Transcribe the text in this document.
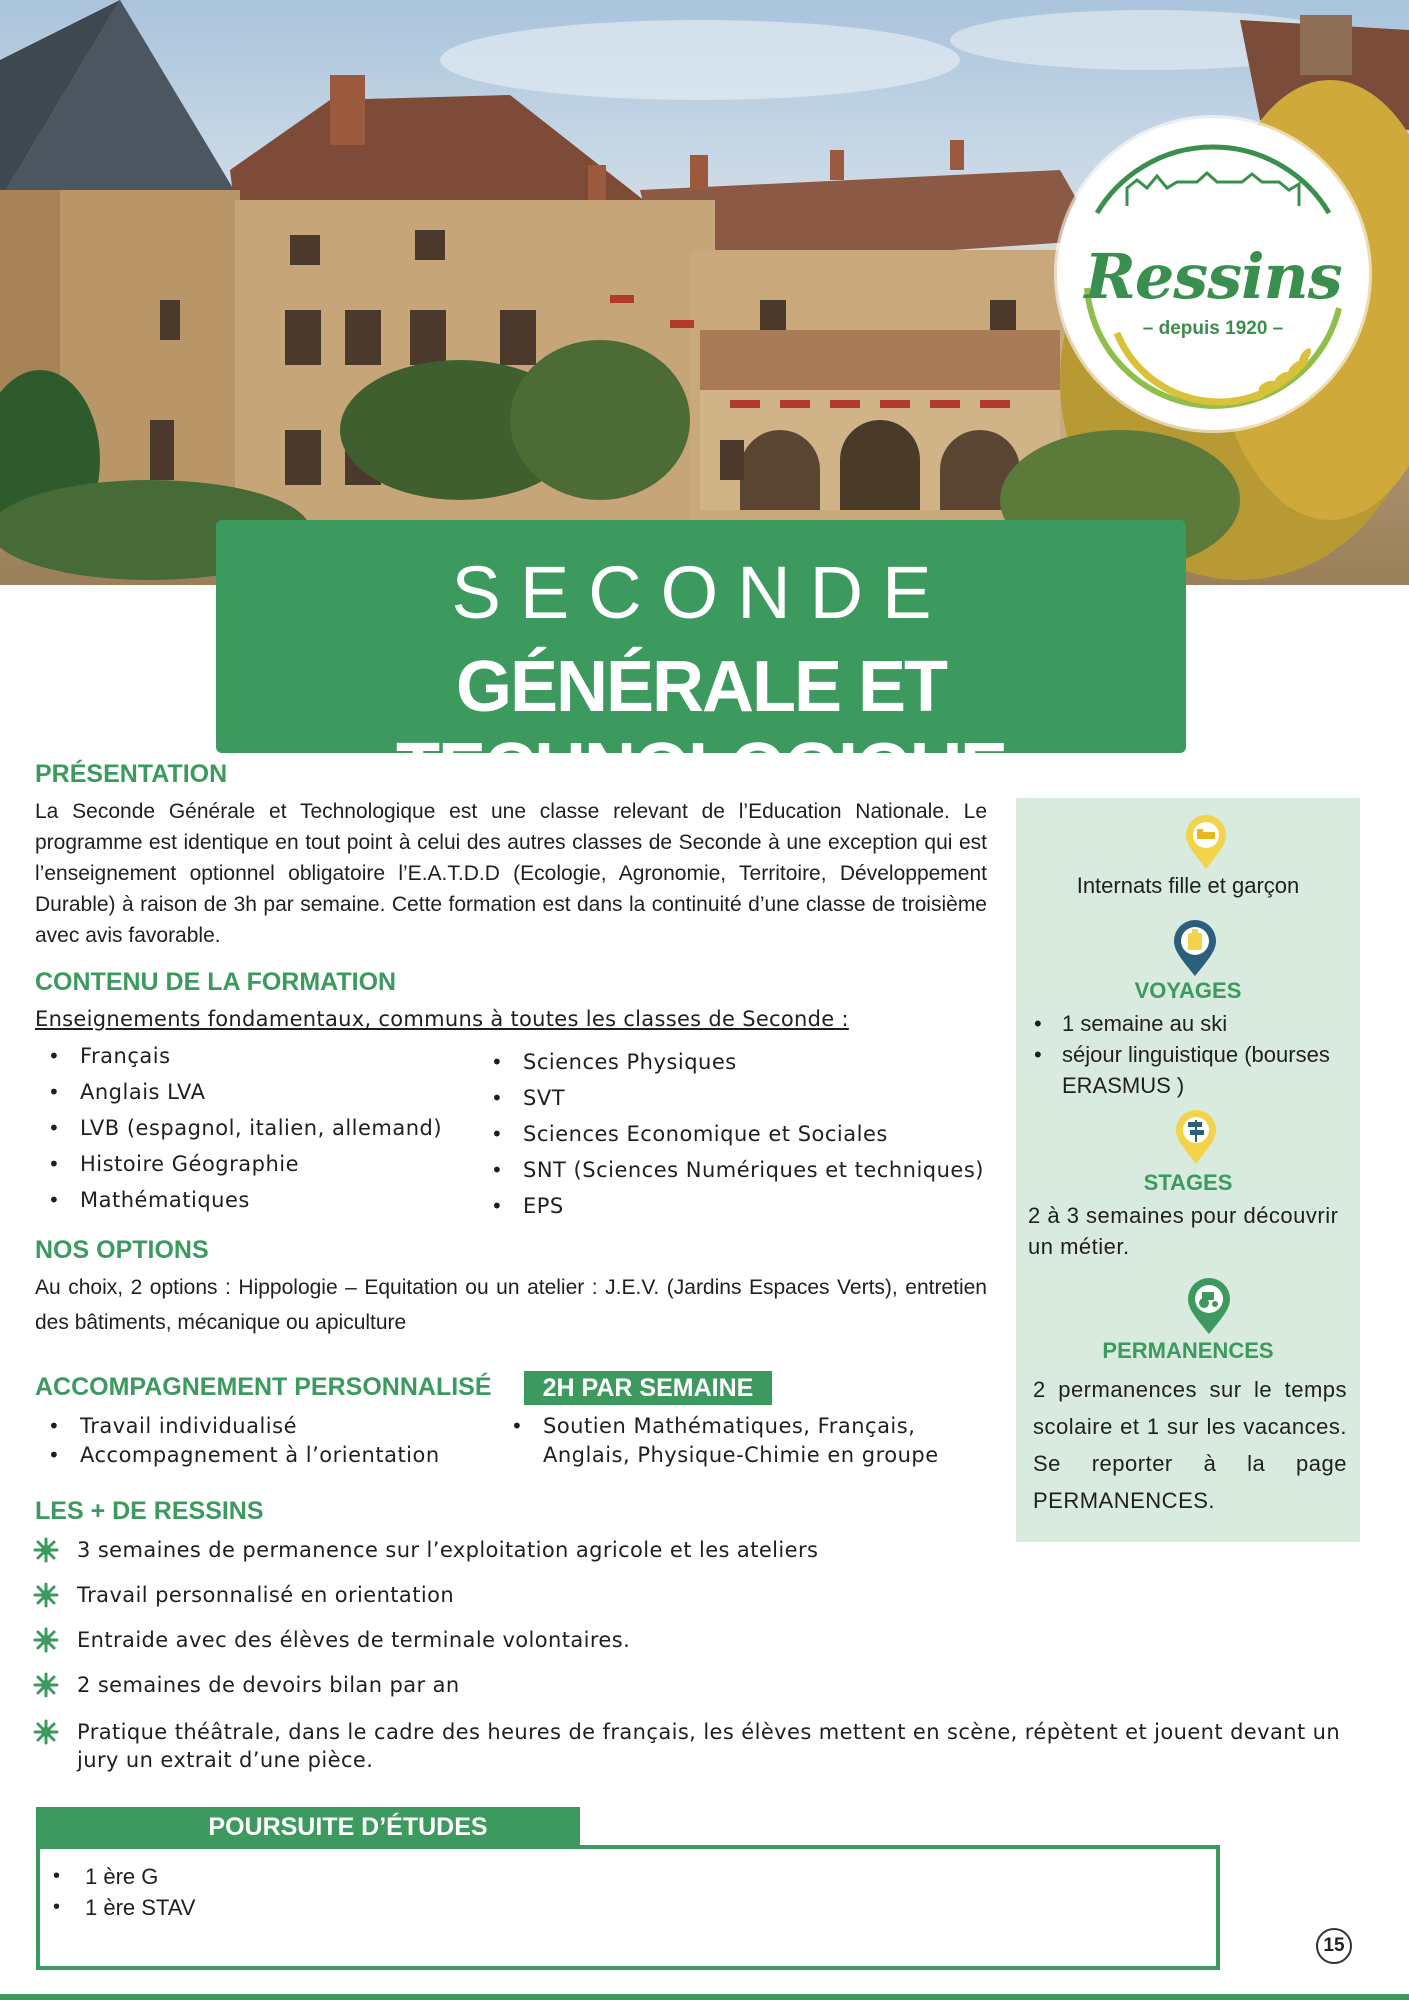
Ressins
– depuis 1920 –
SECONDE
GÉNÉRALE ET TECHNOLOGIQUE
PRÉSENTATION
La Seconde Générale et Technologique est une classe relevant de l’Education Nationale. Le programme est identique en tout point à celui des autres classes de Seconde à une exception qui est l’enseignement optionnel obligatoire l’E.A.T.D.D (Ecologie, Agronomie, Territoire, Développement Durable) à raison de 3h par semaine. Cette formation est dans la continuité d’une classe de troisième avec avis favorable.
CONTENU DE LA FORMATION
Enseignements fondamentaux, communs à toutes les classes de Seconde :
• Français
• Anglais LVA
• LVB (espagnol, italien, allemand)
• Histoire Géographie
• Mathématiques
• Sciences Physiques
• SVT
• Sciences Economique et Sociales
• SNT (Sciences Numériques et techniques)
• EPS
NOS OPTIONS
Au choix, 2 options : Hippologie – Equitation ou un atelier : J.E.V. (Jardins Espaces Verts), entretien des bâtiments, mécanique ou apiculture
ACCOMPAGNEMENT PERSONNALISÉ	2H PAR SEMAINE
• Travail individualisé
• Accompagnement à l’orientation
• Soutien Mathématiques, Français, Anglais, Physique-Chimie en groupe
LES + DE RESSINS
3 semaines de permanence sur l’exploitation agricole et les ateliers
Travail personnalisé en orientation
Entraide avec des élèves de terminale volontaires.
2 semaines de devoirs bilan par an
Pratique théâtrale, dans le cadre des heures de français, les élèves mettent en scène, répètent et jouent devant un jury un extrait d’une pièce.
Internats fille et garçon
VOYAGES
• 1 semaine au ski
• séjour linguistique (bourses ERASMUS )
STAGES
2 à 3 semaines pour découvrir un métier.
PERMANENCES
2 permanences sur le temps scolaire et 1 sur les vacances. Se reporter à la page PERMANENCES.
• 1 ère G
• 1 ère STAV
POURSUITE D’ÉTUDES
15
